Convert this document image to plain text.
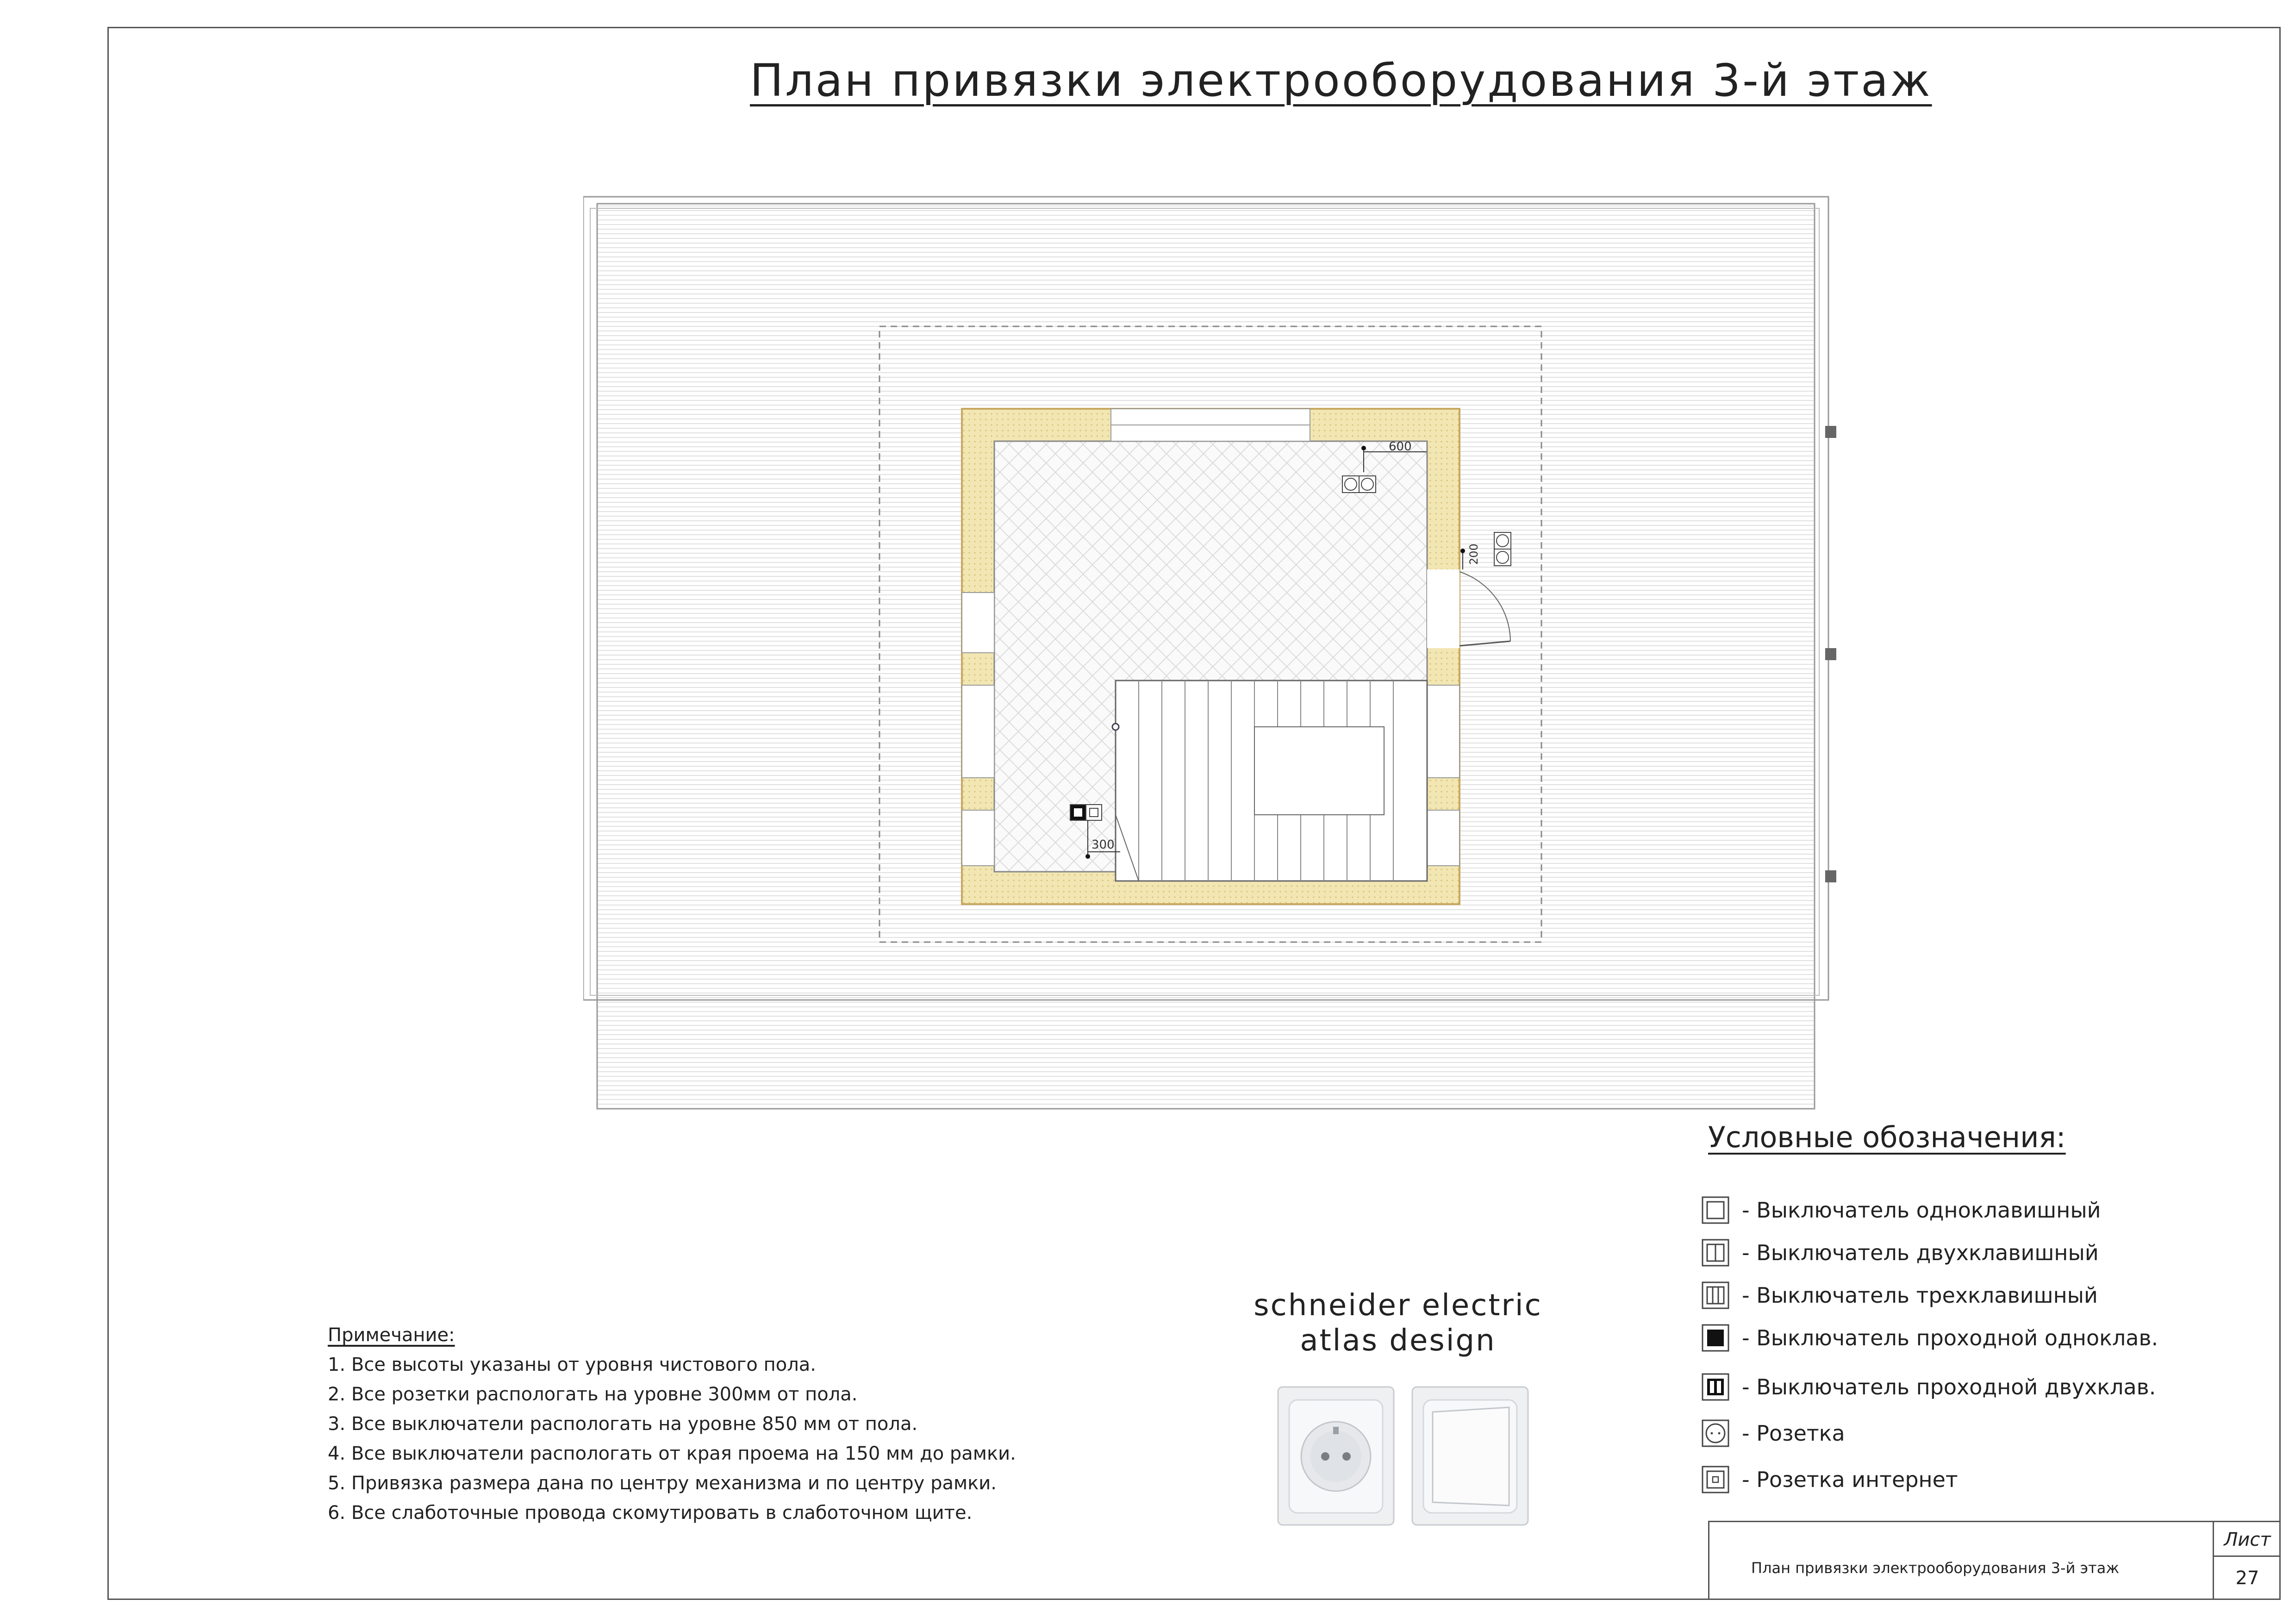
План привязки электрооборудования 3-й этаж
600
200
300
Условные обозначения:
- Выключатель одноклавишный
- Выключатель двухклавишный
- Выключатель трехклавишный
- Выключатель проходной одноклав.
- Выключатель проходной двухклав.
- Розетка
- Розетка интернет
Примечание:
1. Все высоты указаны от уровня чистового пола.
2. Все розетки распологать на уровне 300мм от пола.
3. Все выключатели распологать на уровне 850 мм от пола.
4. Все выключатели распологать от края проема на 150 мм до рамки.
5. Привязка размера дана по центру механизма и по центру рамки.
6. Все слаботочные провода скомутировать в слаботочном щите.
schneider electric
atlas design
План привязки электрооборудования 3-й этаж
Лист
27
